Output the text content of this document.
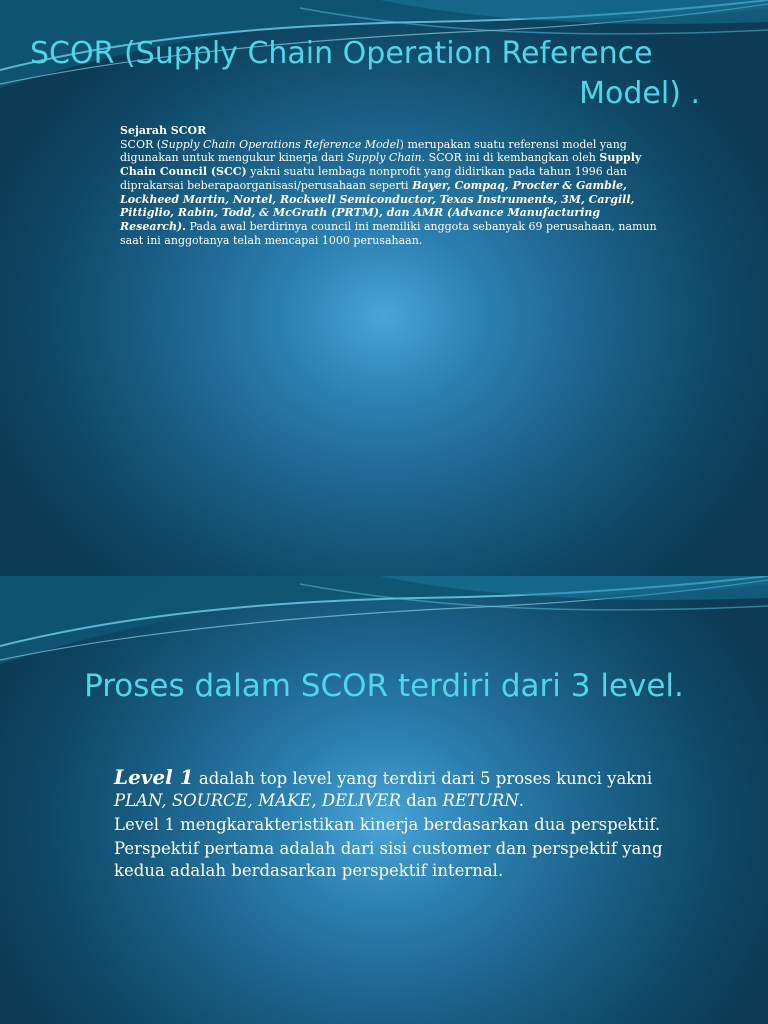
SCOR (Supply Chain Operation Reference
Model) .
Sejarah SCOR
SCOR (Supply Chain Operations Reference Model) merupakan suatu referensi model yang digunakan untuk mengukur kinerja dari Supply Chain. SCOR ini di kembangkan oleh Supply Chain Council (SCC) yakni suatu lembaga nonprofit yang didirikan pada tahun 1996 dan diprakarsai beberapaorganisasi/perusahaan seperti Bayer, Compaq, Procter & Gamble, Lockheed Martin, Nortel, Rockwell Semiconductor, Texas Instruments, 3M, Cargill, Pittiglio, Rabin, Todd, & McGrath (PRTM), dan AMR (Advance Manufacturing Research). Pada awal berdirinya council ini memiliki anggota sebanyak 69 perusahaan, namun saat ini anggotanya telah mencapai 1000 perusahaan.
Proses dalam SCOR terdiri dari 3 level.

Level 1 adalah top level yang terdiri dari 5 proses kunci yakni PLAN, SOURCE, MAKE, DELIVER dan RETURN.

Level 1 mengkarakteristikan kinerja berdasarkan dua perspektif.

Perspektif pertama adalah dari sisi customer dan perspektif yang kedua adalah berdasarkan perspektif internal.
